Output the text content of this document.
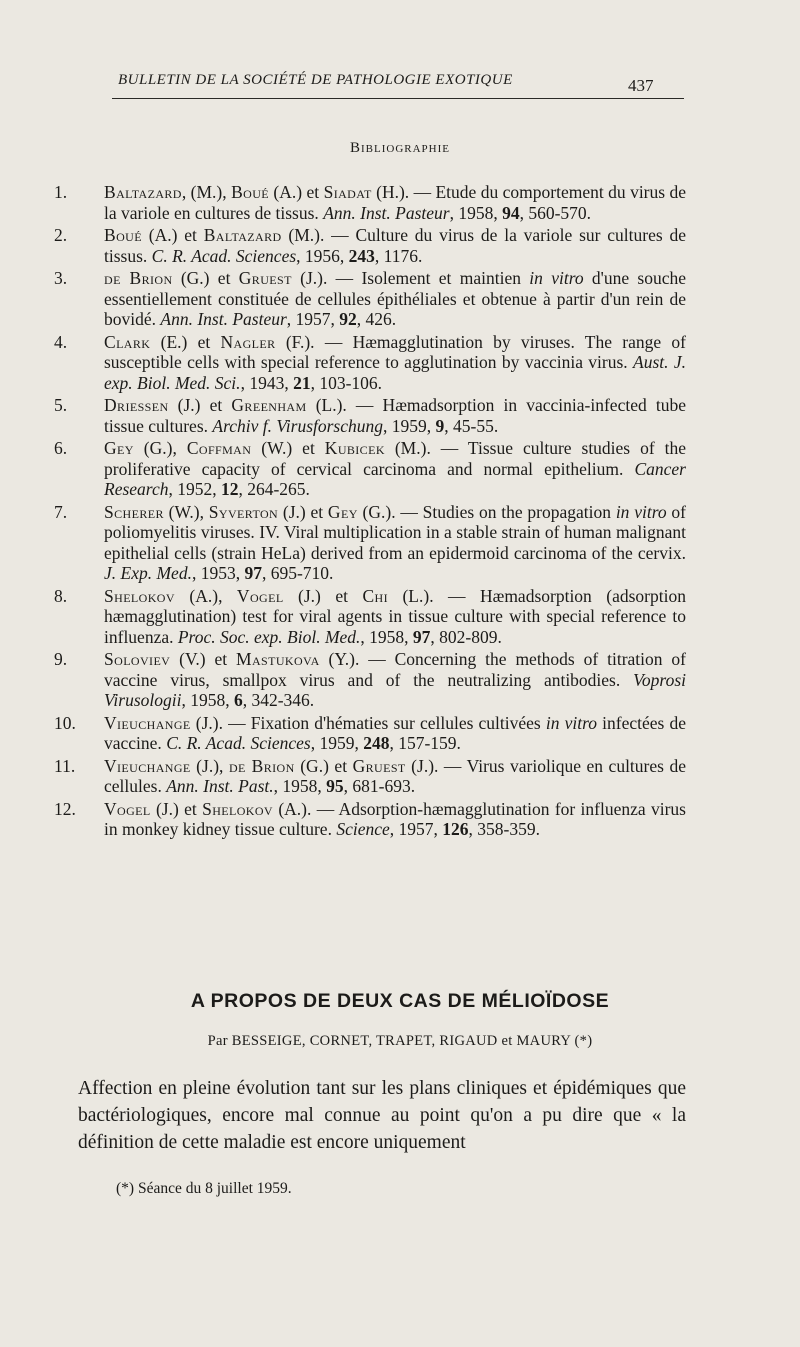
BULLETIN DE LA SOCIÉTÉ DE PATHOLOGIE EXOTIQUE	437
Bibliographie
1.	Baltazard, (M.), Boué (A.) et Siadat (H.). — Etude du comportement du virus de la variole en cultures de tissus. Ann. Inst. Pasteur, 1958, 94, 560-570.
2.	Boué (A.) et Baltazard (M.). — Culture du virus de la variole sur cultures de tissus. C. R. Acad. Sciences, 1956, 243, 1176.
3.	de Brion (G.) et Gruest (J.). — Isolement et maintien in vitro d'une souche essentiellement constituée de cellules épithéliales et obtenue à partir d'un rein de bovidé. Ann. Inst. Pasteur, 1957, 92, 426.
4.	Clark (E.) et Nagler (F.). — Hæmagglutination by viruses. The range of susceptible cells with special reference to agglutination by vaccinia virus. Aust. J. exp. Biol. Med. Sci., 1943, 21, 103-106.
5.	Driessen (J.) et Greenham (L.). — Hæmadsorption in vaccinia-infected tube tissue cultures. Archiv f. Virusforschung, 1959, 9, 45-55.
6.	Gey (G.), Coffman (W.) et Kubicek (M.). — Tissue culture studies of the proliferative capacity of cervical carcinoma and normal epithelium. Cancer Research, 1952, 12, 264-265.
7.	Scherer (W.), Syverton (J.) et Gey (G.). — Studies on the propagation in vitro of poliomyelitis viruses. IV. Viral multiplication in a stable strain of human malignant epithelial cells (strain HeLa) derived from an epidermoid carcinoma of the cervix. J. Exp. Med., 1953, 97, 695-710.
8.	Shelokov (A.), Vogel (J.) et Chi (L.). — Hæmadsorption (adsorption hæmagglutination) test for viral agents in tissue culture with special reference to influenza. Proc. Soc. exp. Biol. Med., 1958, 97, 802-809.
9.	Soloviev (V.) et Mastukova (Y.). — Concerning the methods of titration of vaccine virus, smallpox virus and of the neutralizing antibodies. Voprosi Virusologii, 1958, 6, 342-346.
10.	Vieuchange (J.). — Fixation d'hématies sur cellules cultivées in vitro infectées de vaccine. C. R. Acad. Sciences, 1959, 248, 157-159.
11.	Vieuchange (J.), de Brion (G.) et Gruest (J.). — Virus variolique en cultures de cellules. Ann. Inst. Past., 1958, 95, 681-693.
12.	Vogel (J.) et Shelokov (A.). — Adsorption-hæmagglutination for influenza virus in monkey kidney tissue culture. Science, 1957, 126, 358-359.
A PROPOS DE DEUX CAS DE MÉLIOÏDOSE
Par BESSEIGE, CORNET, TRAPET, RIGAUD et MAURY (*)
Affection en pleine évolution tant sur les plans cliniques et épidémiques que bactériologiques, encore mal connue au point qu'on a pu dire que « la définition de cette maladie est encore uniquement
(*) Séance du 8 juillet 1959.
